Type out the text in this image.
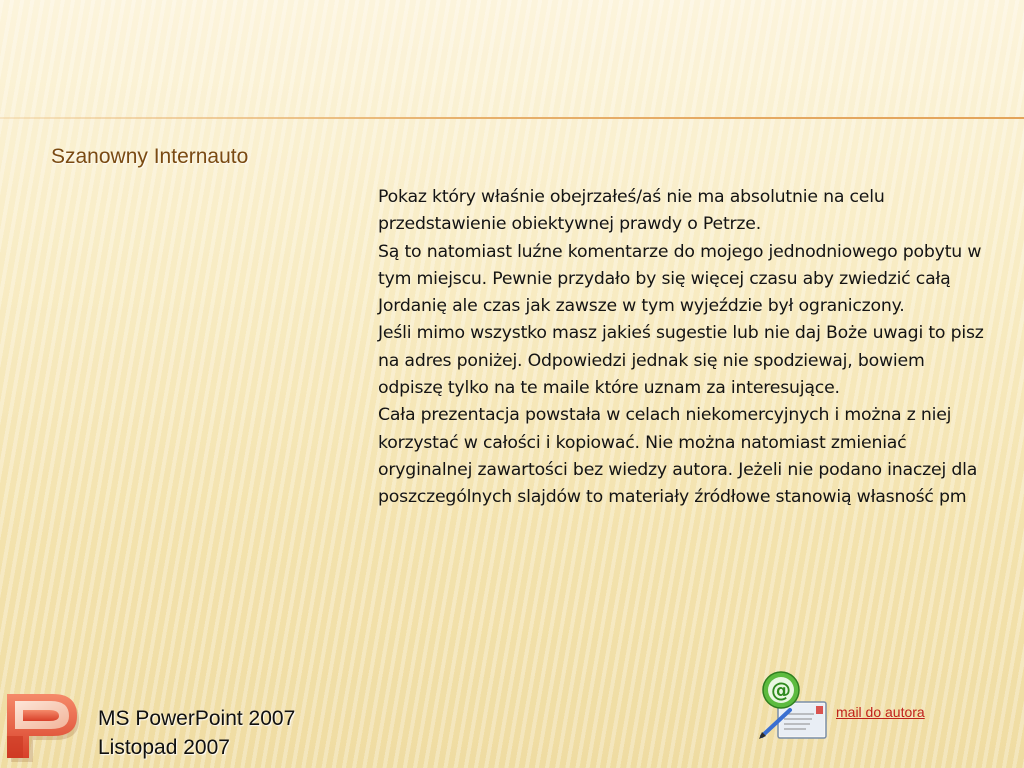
Szanowny Internauto

Pokaz który właśnie obejrzałeś/aś nie ma absolutnie na celu przedstawienie obiektywnej prawdy o Petrze.

Są to natomiast luźne komentarze do mojego jednodniowego pobytu w tym miejscu. Pewnie przydało by się więcej czasu aby zwiedzić całą Jordanię ale czas jak zawsze w tym wyjeździe był ograniczony.

Jeśli mimo wszystko masz jakieś sugestie lub nie daj Boże uwagi to pisz na adres poniżej. Odpowiedzi jednak się nie spodziewaj, bowiem odpiszę tylko na te maile które uznam za interesujące.

Cała prezentacja powstała w celach niekomercyjnych i można z niej korzystać w całości i kopiować. Nie można natomiast zmieniać oryginalnej zawartości bez wiedzy autora. Jeżeli nie podano inaczej dla poszczególnych slajdów to materiały źródłowe stanowią własność pm

MS PowerPoint 2007
Listopad 2007
@
mail do autora
